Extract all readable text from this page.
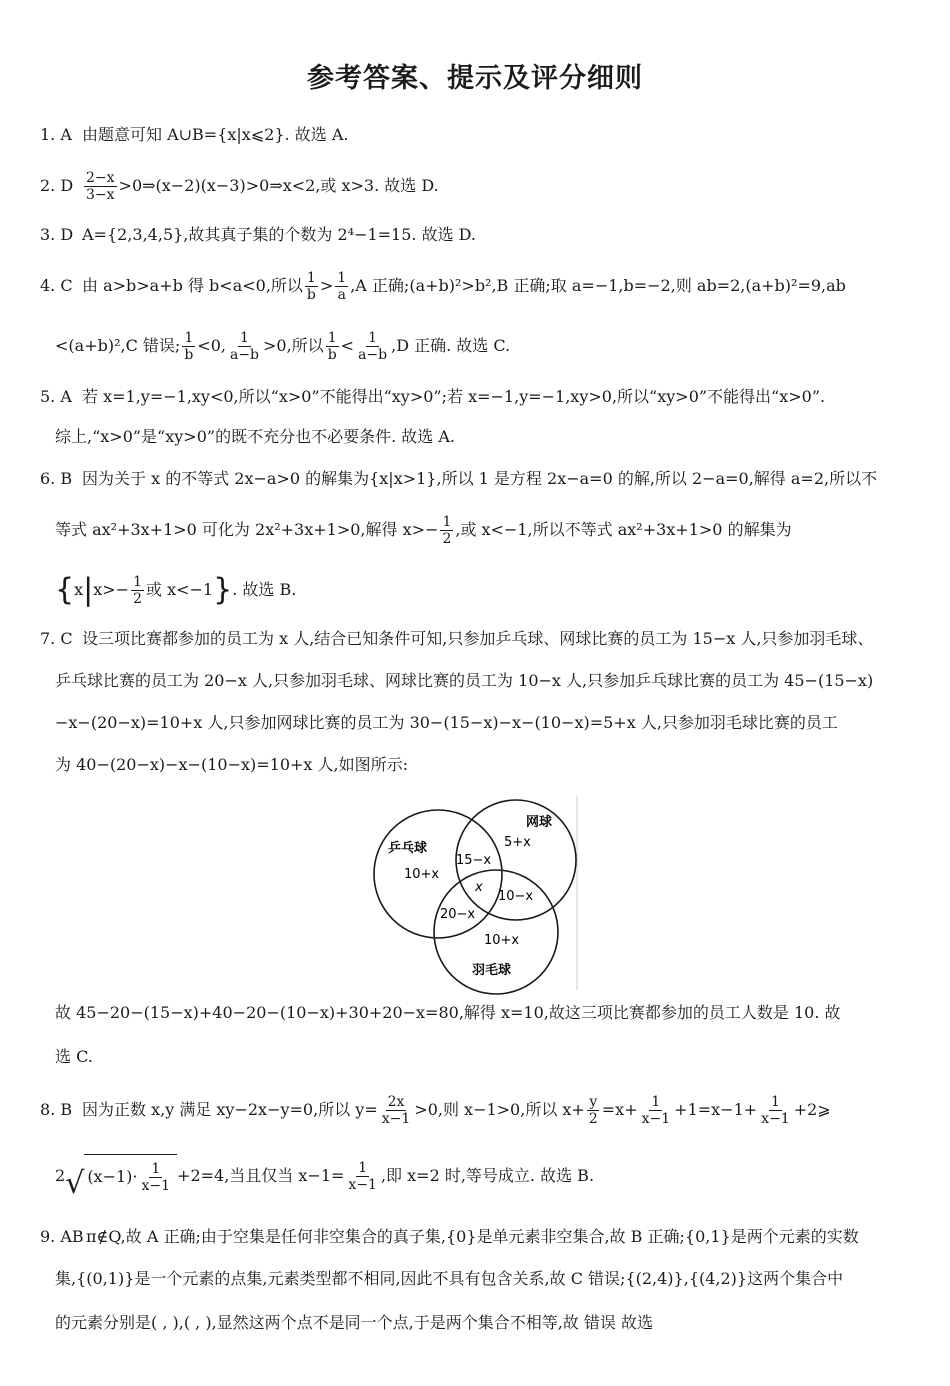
参考答案、提示及评分细则
1. A 由题意可知 A∪B={x|x⩽2}. 故选 A.
2. D $\frac{2-x}{3-x}$ >0⇒(x−2)(x−3)>0⇒x<2,或 x>3. 故选 D.
3. D A={2,3,4,5},故其真子集的个数为 2⁴−1=15. 故选 D.
4. C 由 a>b>a+b 得 b<a<0,所以 $\frac{1}{b} > \frac{1}{a} ,A$ 正确;(a+b)²>b²,B 正确;取 a=−1,b=−2,则 ab=2,(a+b)²=9,ab
<(a+b)²,C 错误; $\frac{1}{b} <0$, $\frac{1}{a-b} >0$,所以 $\frac{1}{b} < \frac{1}{a-b} ,D$ 正确. 故选 C.
5. A 若 x=1,y=−1,xy<0,所以“x>0”不能得出“xy>0”;若 x=−1,y=−1,xy>0,所以“xy>0”不能得出“x>0”.
综上,“x>0”是“xy>0”的既不充分也不必要条件. 故选 A.
6. B 因为关于 x 的不等式 2x−a>0 的解集为{x|x>1},所以 1 是方程 2x−a=0 的解,所以 2−a=0,解得 a=2,所以不
等式 ax²+3x+1>0 可化为 2x²+3x+1>0,解得 $x>- \frac{1}{2}$ ,或 x<−1,所以不等式 ax²+3x+1>0 的解集为
{$x|x>- \frac{1}{2}$ 或 x<−1}. 故选 B.
7. C 设三项比赛都参加的员工为 x 人,结合已知条件可知,只参加乒乓球、网球比赛的员工为 15−x 人,只参加羽毛球、
乒乓球比赛的员工为 20−x 人,只参加羽毛球、网球比赛的员工为 10−x 人,只参加乒乓球比赛的员工为 45−(15−x)
−x−(20−x)=10+x 人,只参加网球比赛的员工为 30−(15−x)−x−(10−x)=5+x 人,只参加羽毛球比赛的员工
为 40−(20−x)−x−(10−x)=10+x 人,如图所示:
乒乓球
网球
羽毛球
10+x
5+x
10+x
15−x
20−x
10−x
x
故 45−20−(15−x)+40−20−(10−x)+30+20−x=80,解得 x=10,故这三项比赛都参加的员工人数是 10. 故
选 C.
8. B 因为正数 x,y 满足 xy−2x−y=0,所以 $y= \frac{2x}{x-1} >0$,则 x−1>0,所以 $x+ \frac{y}{2} =x+ \frac{1}{x-1} +1=x-1+ \frac{1}{x-1}$ +2⩾
2 √ $(x-1)\cdot \frac{1}{x-1} +2=4$,当且仅当 $x-1= \frac{1}{x-1}$ ,即 x=2 时,等号成立. 故选 B.
9. AB π∉Q,故 A 正确;由于空集是任何非空集合的真子集,{0}是单元素非空集合,故 B 正确;{0,1}是两个元素的实数
集,{(0,1)}是一个元素的点集,元素类型都不相同,因此不具有包含关系,故 C 错误;{(2,4)},{(4,2)}这两个集合中
的元素分别是( , ),( , ),显然这两个点不是同一个点,于是两个集合不相等,故 错误 故选
